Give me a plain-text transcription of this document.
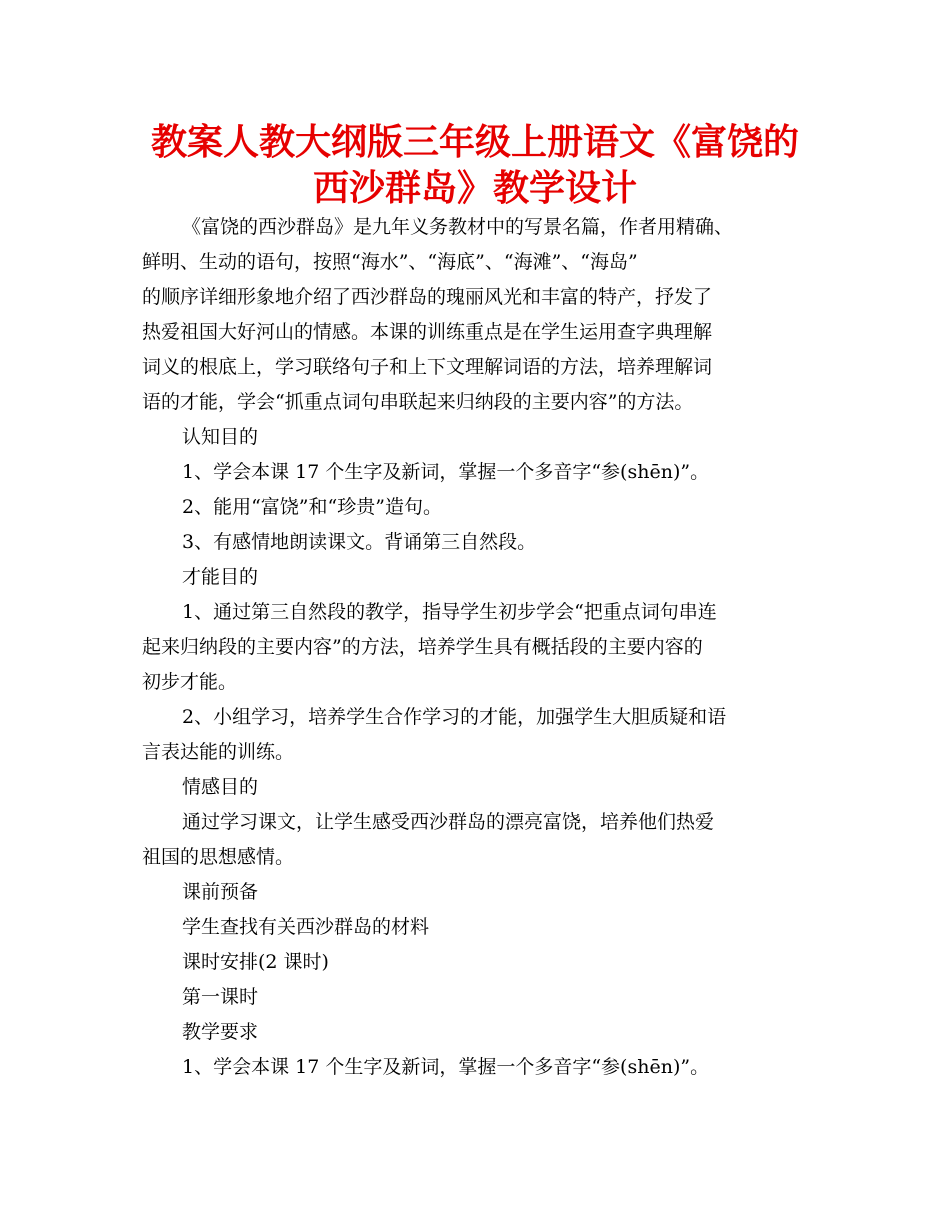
教案人教大纲版三年级上册语文《富饶的
西沙群岛》教学设计
《富饶的西沙群岛》是九年义务教材中的写景名篇，作者用精确、
鲜明、生动的语句，按照“海水”、“海底”、“海滩”、“海岛”
的顺序详细形象地介绍了西沙群岛的瑰丽风光和丰富的特产，抒发了
热爱祖国大好河山的情感。本课的训练重点是在学生运用查字典理解
词义的根底上，学习联络句子和上下文理解词语的方法，培养理解词
语的才能，学会“抓重点词句串联起来归纳段的主要内容”的方法。
认知目的
1、学会本课 17 个生字及新词，掌握一个多音字“参(shēn)”。
2、能用“富饶”和“珍贵”造句。
3、有感情地朗读课文。背诵第三自然段。
才能目的
1、通过第三自然段的教学，指导学生初步学会“把重点词句串连
起来归纳段的主要内容”的方法，培养学生具有概括段的主要内容的
初步才能。
2、小组学习，培养学生合作学习的才能，加强学生大胆质疑和语
言表达能的训练。
情感目的
通过学习课文，让学生感受西沙群岛的漂亮富饶，培养他们热爱
祖国的思想感情。
课前预备
学生查找有关西沙群岛的材料
课时安排(2 课时)
第一课时
教学要求
1、学会本课 17 个生字及新词，掌握一个多音字“参(shēn)”。
